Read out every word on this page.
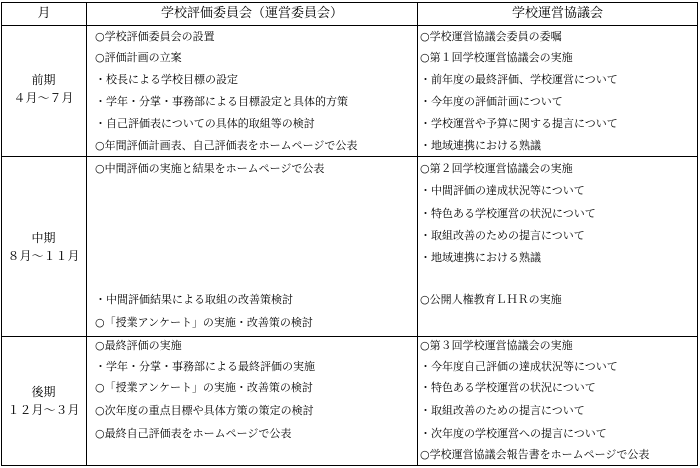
月	学校評価委員会（運営委員会）	学校運営協議会
前期
４月〜７月
○学校評価委員会の設置
○評価計画の立案
・校長による学校目標の設定
・学年・分掌・事務部による目標設定と具体的方策
・自己評価表についての具体的取組等の検討
○年間評価計画表、自己評価表をホームページで公表
○学校運営協議会委員の委嘱
○第１回学校運営協議会の実施
・前年度の最終評価、学校運営について
・今年度の評価計画について
・学校運営や予算に関する提言について
・地域連携における熟議
中期
８月〜１１月
○中間評価の実施と結果をホームページで公表
・中間評価結果による取組の改善策検討
○「授業アンケート」の実施・改善策の検討
○第２回学校運営協議会の実施
・中間評価の達成状況等について
・特色ある学校運営の状況について
・取組改善のための提言について
・地域連携における熟議
○公開人権教育ＬＨＲの実施
後期
１２月〜３月
○最終評価の実施
・学年・分掌・事務部による最終評価の実施
○「授業アンケート」の実施・改善策の検討
○次年度の重点目標や具体方策の策定の検討
○最終自己評価表をホームページで公表
○第３回学校運営協議会の実施
・今年度自己評価の達成状況等について
・特色ある学校運営の状況について
・取組改善のための提言について
・次年度の学校運営への提言について
○学校運営協議会報告書をホームページで公表
